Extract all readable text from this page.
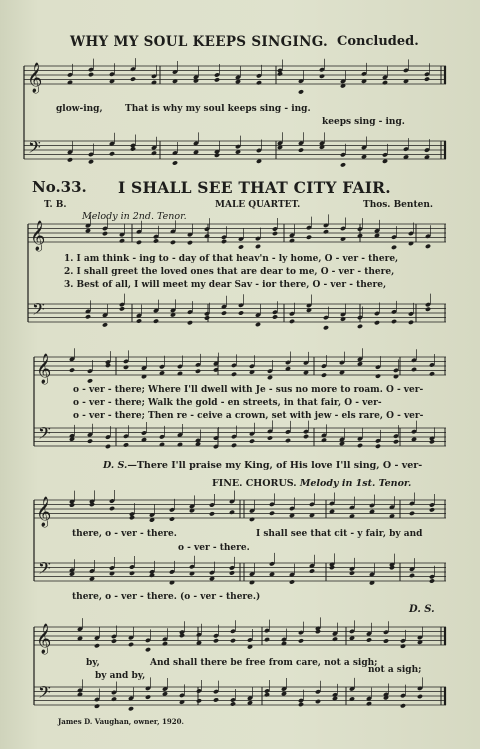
𝄞
𝄢
𝄞
𝄢
𝄞
𝄢
𝄞
𝄢
𝄞
𝄢
WHY MY SOUL KEEPS SINGING. Concluded.
glow-ing, That is why my soul keeps sing - ing.
keeps sing - ing.
No.33. I SHALL SEE THAT CITY FAIR.
T. B.	MALE QUARTET.	Thos. Benten.
Melody in 2nd. Tenor.
1. I am think - ing to - day of that heav'n - ly home, O - ver - there,
2. I shall greet the loved ones that are dear to me, O - ver - there,
3. Best of all, I will meet my dear Sav - ior there, O - ver - there,
o - ver - there; Where I'll dwell with Je - sus no more to roam. O - ver-
o - ver - there; Walk the gold - en streets, in that fair, O - ver-
o - ver - there; Then re - ceive a crown, set with jew - els rare, O - ver-
D. S.—There I'll praise my King, of His love I'll sing, O - ver-
FINE. CHORUS. Melody in 1st. Tenor.
there, o - ver - there.	I shall see that cit - y fair, by and
o - ver - there.
there, o - ver - there. (o - ver - there.)
D. S.
by,	And shall there be free from care, not a sigh;
by and by,
not a sigh;
James D. Vaughan, owner, 1920.
